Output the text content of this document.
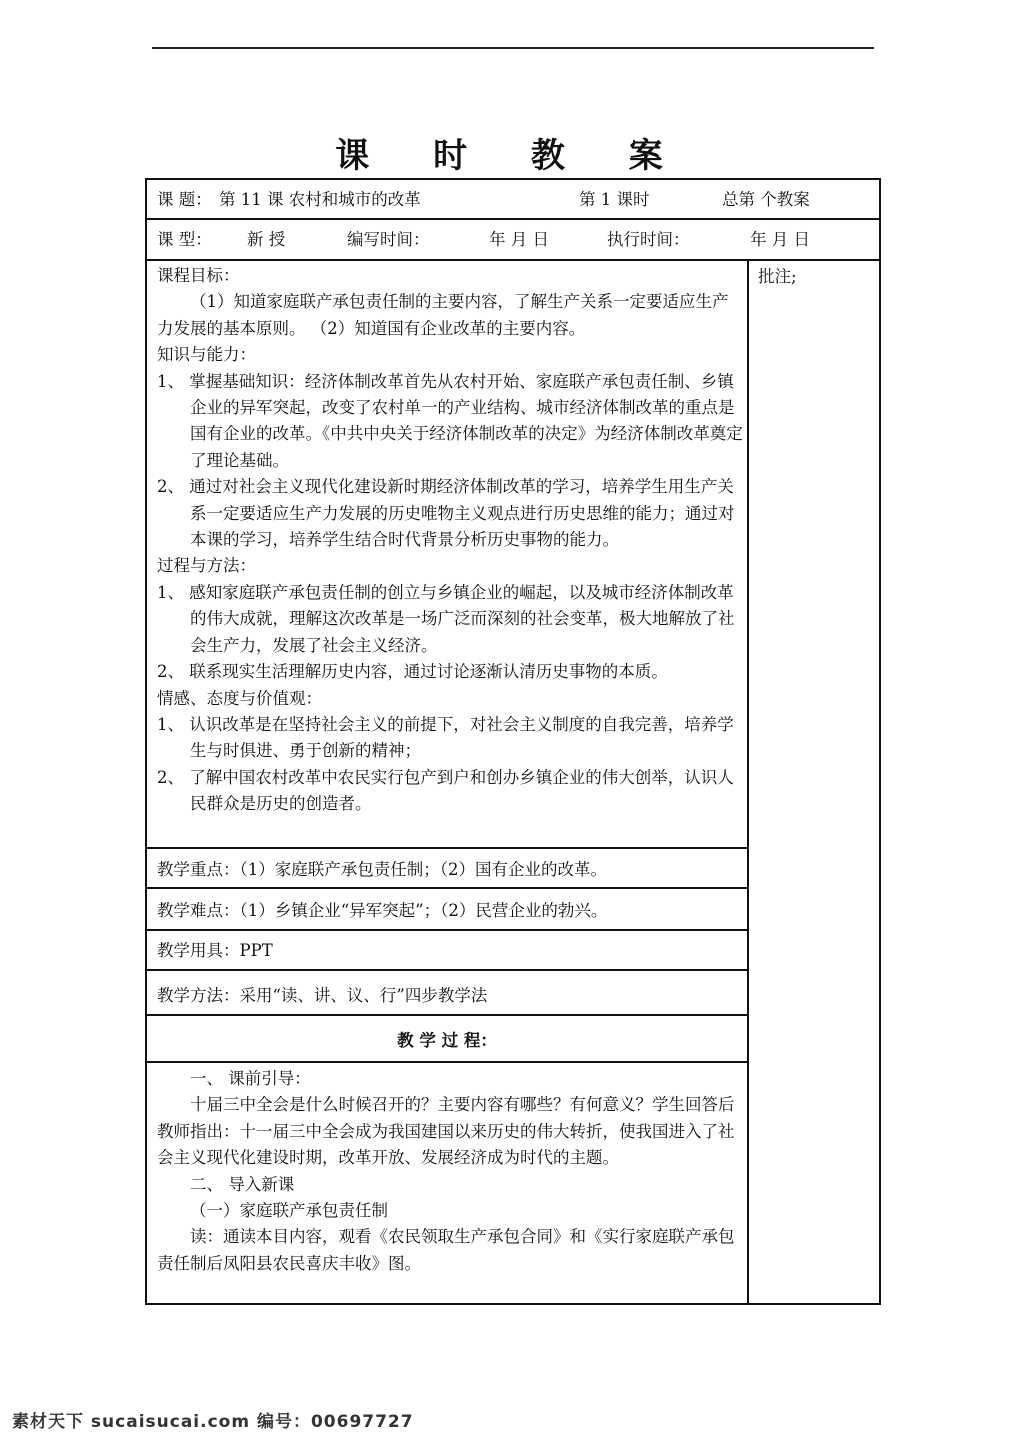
课 时 教 案
课 题： 第 11 课 农村和城市的改革	第 1 课时	总第 个教案
课 型： 新 授	编写时间：	年 月 日	执行时间：	年 月 日
批注;

课程目标：

（1）知道家庭联产承包责任制的主要内容，了解生产关系一定要适应生产力发展的基本原则。 （2）知道国有企业改革的主要内容。

知识与能力：

1、 掌握基础知识：经济体制改革首先从农村开始、家庭联产承包责任制、乡镇企业的异军突起，改变了农村单一的产业结构、城市经济体制改革的重点是国有企业的改革。《中共中央关于经济体制改革的决定》为经济体制改革奠定了理论基础。

2、 通过对社会主义现代化建设新时期经济体制改革的学习，培养学生用生产关系一定要适应生产力发展的历史唯物主义观点进行历史思维的能力；通过对本课的学习，培养学生结合时代背景分析历史事物的能力。

过程与方法：

1、 感知家庭联产承包责任制的创立与乡镇企业的崛起，以及城市经济体制改革的伟大成就，理解这次改革是一场广泛而深刻的社会变革，极大地解放了社会生产力，发展了社会主义经济。

2、 联系现实生活理解历史内容，通过讨论逐渐认清历史事物的本质。

情感、态度与价值观：

1、 认识改革是在坚持社会主义的前提下，对社会主义制度的自我完善，培养学生与时俱进、勇于创新的精神；

2、 了解中国农村改革中农民实行包产到户和创办乡镇企业的伟大创举，认识人民群众是历史的创造者。

教学重点：（1）家庭联产承包责任制；（2）国有企业的改革。
教学难点：（1）乡镇企业“异军突起”；（2）民营企业的勃兴。
教学用具：PPT
教学方法：采用“读、讲、议、行”四步教学法
教 学 过 程：

一、 课前引导：

十届三中全会是什么时候召开的？主要内容有哪些？有何意义？学生回答后教师指出：十一届三中全会成为我国建国以来历史的伟大转折，使我国进入了社会主义现代化建设时期，改革开放、发展经济成为时代的主题。

二、 导入新课

（一）家庭联产承包责任制

读：通读本目内容，观看《农民领取生产承包合同》和《实行家庭联产承包责任制后凤阳县农民喜庆丰收》图。

素材天下 sucaisucai.com 编号：00697727
